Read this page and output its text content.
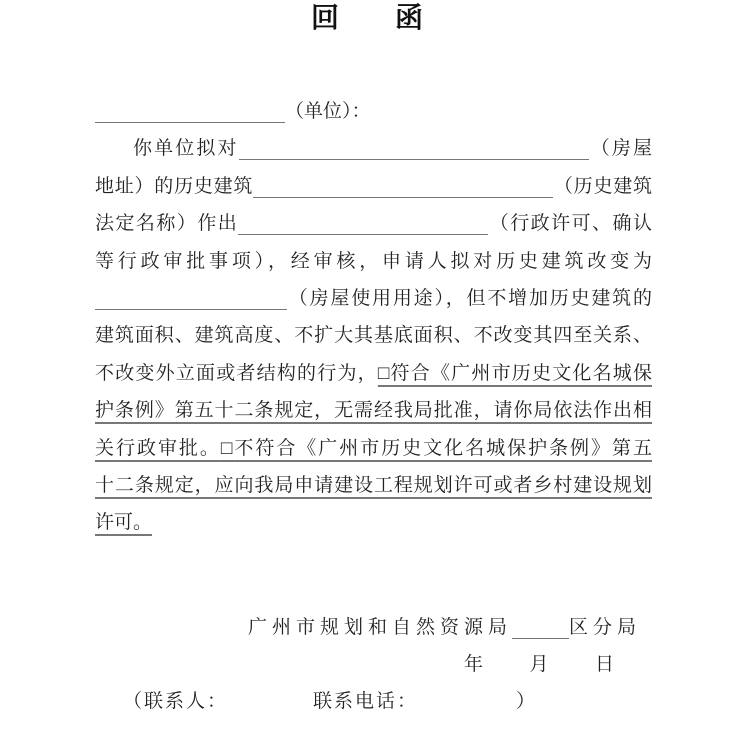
回　　函
（单位）：
你单位拟对	（房屋
地址）的历史建筑	（历史建筑
法定名称）作出	（行政许可、确认
等行政审批事项），经审核，申请人拟对历史建筑改变为
（房屋使用用途），但不增加历史建筑的
建筑面积、建筑高度、不扩大其基底面积、不改变其四至关系、
不改变外立面或者结构的行为，□符合《广州市历史文化名城保
护条例》第五十二条规定，无需经我局批准，请你局依法作出相
关行政审批。□不符合《广州市历史文化名城保护条例》第五
十二条规定，应向我局申请建设工程规划许可或者乡村建设规划
许可。
广州市规划和自然资源局	区分局
年 月 日
（联系人：	联系电话：	）
